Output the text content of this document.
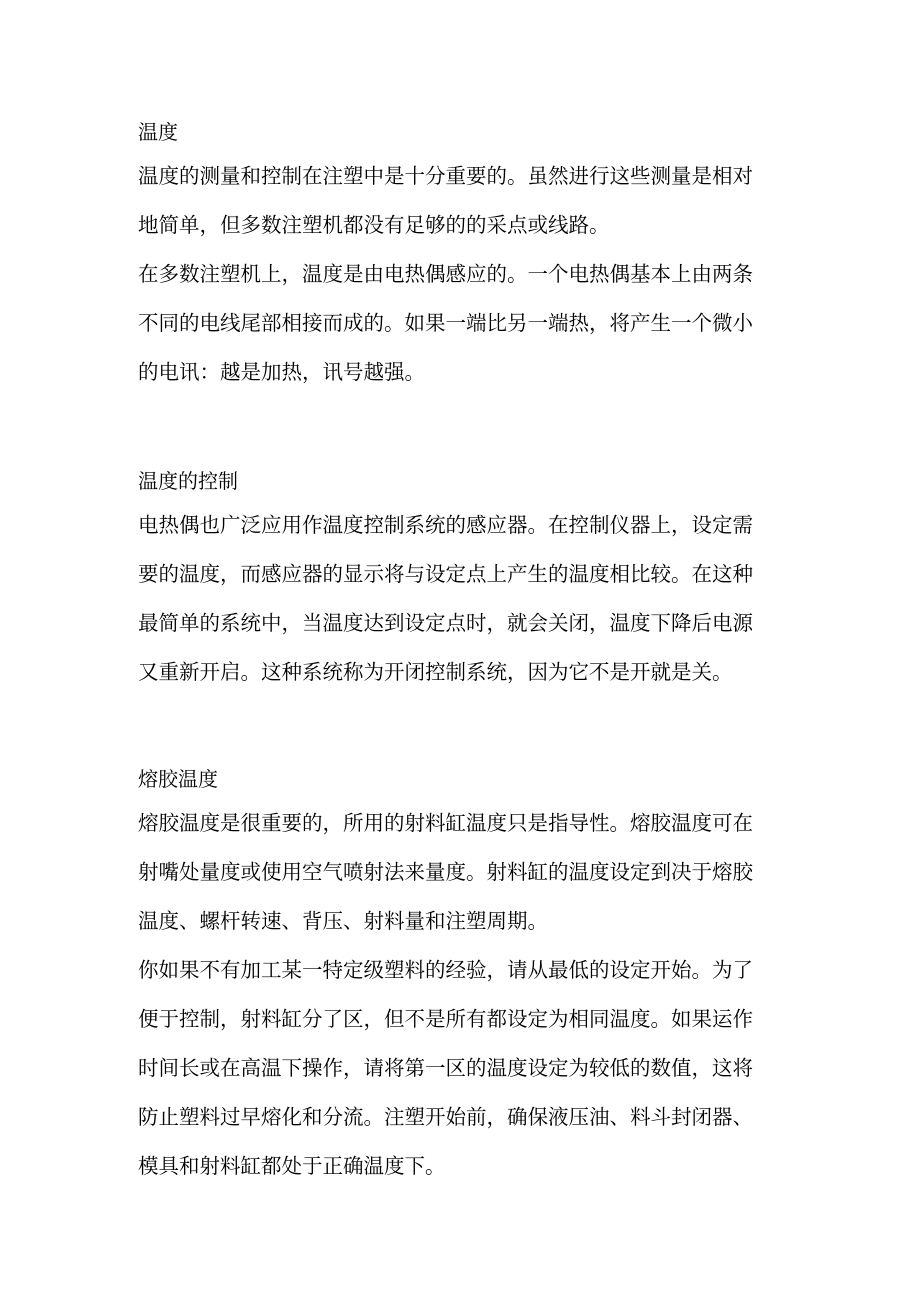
温度

温度的测量和控制在注塑中是十分重要的。虽然进行这些测量是相对
地简单，但多数注塑机都没有足够的的采点或线路。

在多数注塑机上，温度是由电热偶感应的。一个电热偶基本上由两条
不同的电线尾部相接而成的。如果一端比另一端热，将产生一个微小
的电讯：越是加热，讯号越强。

温度的控制

电热偶也广泛应用作温度控制系统的感应器。在控制仪器上，设定需
要的温度，而感应器的显示将与设定点上产生的温度相比较。在这种
最简单的系统中，当温度达到设定点时，就会关闭，温度下降后电源
又重新开启。这种系统称为开闭控制系统，因为它不是开就是关。

熔胶温度

熔胶温度是很重要的，所用的射料缸温度只是指导性。熔胶温度可在
射嘴处量度或使用空气喷射法来量度。射料缸的温度设定到决于熔胶
温度、螺杆转速、背压、射料量和注塑周期。

你如果不有加工某一特定级塑料的经验，请从最低的设定开始。为了
便于控制，射料缸分了区，但不是所有都设定为相同温度。如果运作
时间长或在高温下操作，请将第一区的温度设定为较低的数值，这将
防止塑料过早熔化和分流。注塑开始前，确保液压油、料斗封闭器、
模具和射料缸都处于正确温度下。
